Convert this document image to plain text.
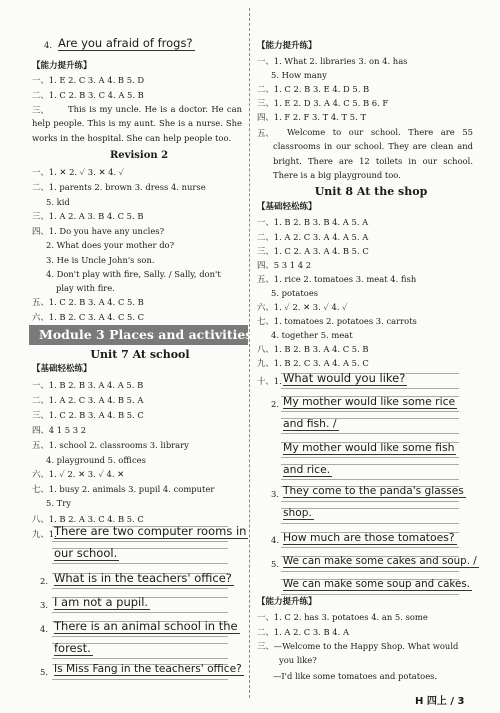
4. Are you afraid of frogs?
【能力提升练】
一、1. E 2. C 3. A 4. B 5. D
二、1. C 2. B 3. C 4. A 5. B
三、	This is my uncle. He is a doctor. He can help people. This is my aunt. She is a nurse. She works in the hospital. She can help people too.
Revision 2
一、1. ✕ 2. ✓ 3. ✕ 4. ✓
二、1. parents 2. brown 3. dress 4. nurse
5. kid
三、1. A 2. A 3. B 4. C 5. B
四、1. Do you have any uncles?
2. What does your mother do?
3. He is Uncle John's son.
4. Don't play with fire, Sally. / Sally, don't
play with fire.
五、1. C 2. B 3. A 4. C 5. B
六、1. B 2. C 3. A 4. C 5. C
Module 3 Places and activities
Unit 7 At school
【基础轻松练】
一、1. B 2. B 3. A 4. A 5. B
二、1. A 2. C 3. A 4. B 5. A
三、1. C 2. B 3. A 4. B 5. C
四、4 1 5 3 2
五、1. school 2. classrooms 3. library
4. playground 5. offices
六、1. ✓ 2. ✕ 3. ✓ 4. ✕
七、1. busy 2. animals 3. pupil 4. computer
5. Try
八、1. B 2. A 3. C 4. B 5. C
九、1.
There are two computer rooms in
our school.
2. What is in the teachers' office?
3. I am not a pupil.
4. There is an animal school in the
forest.
5. Is Miss Fang in the teachers' office?
【能力提升练】
一、1. What 2. libraries 3. on 4. has
5. How many
二、1. C 2. B 3. E 4. D 5. B
三、1. E 2. D 3. A 4. C 5. B 6. F
四、1. F 2. F 3. T 4. T 5. T
五、	Welcome to our school. There are 55 classrooms in our school. They are clean and bright. There are 12 toilets in our school. There is a big playground too.
Unit 8 At the shop
【基础轻松练】
一、1. B 2. B 3. B 4. A 5. A
二、1. A 2. C 3. A 4. A 5. A
三、1. C 2. A 3. A 4. B 5. C
四、5 3 1 4 2
五、1. rice 2. tomatoes 3. meat 4. fish
5. potatoes
六、1. ✓ 2. ✕ 3. ✓ 4. ✓
七、1. tomatoes 2. potatoes 3. carrots
4. together 5. meat
八、1. B 2. B 3. A 4. C 5. B
九、1. B 2. C 3. A 4. A 5. C
十、1. What would you like?
2. My mother would like some rice
and fish. /
My mother would like some fish
and rice.
3. They come to the panda's glasses
shop.
4. How much are those tomatoes?
5. We can make some cakes and soup. /
We can make some soup and cakes.
【能力提升练】
一、1. C 2. has 3. potatoes 4. an 5. some
二、1. A 2. C 3. B 4. A
三、—Welcome to the Happy Shop. What would
you like?
—I'd like some tomatoes and potatoes.
H 四上 / 3
